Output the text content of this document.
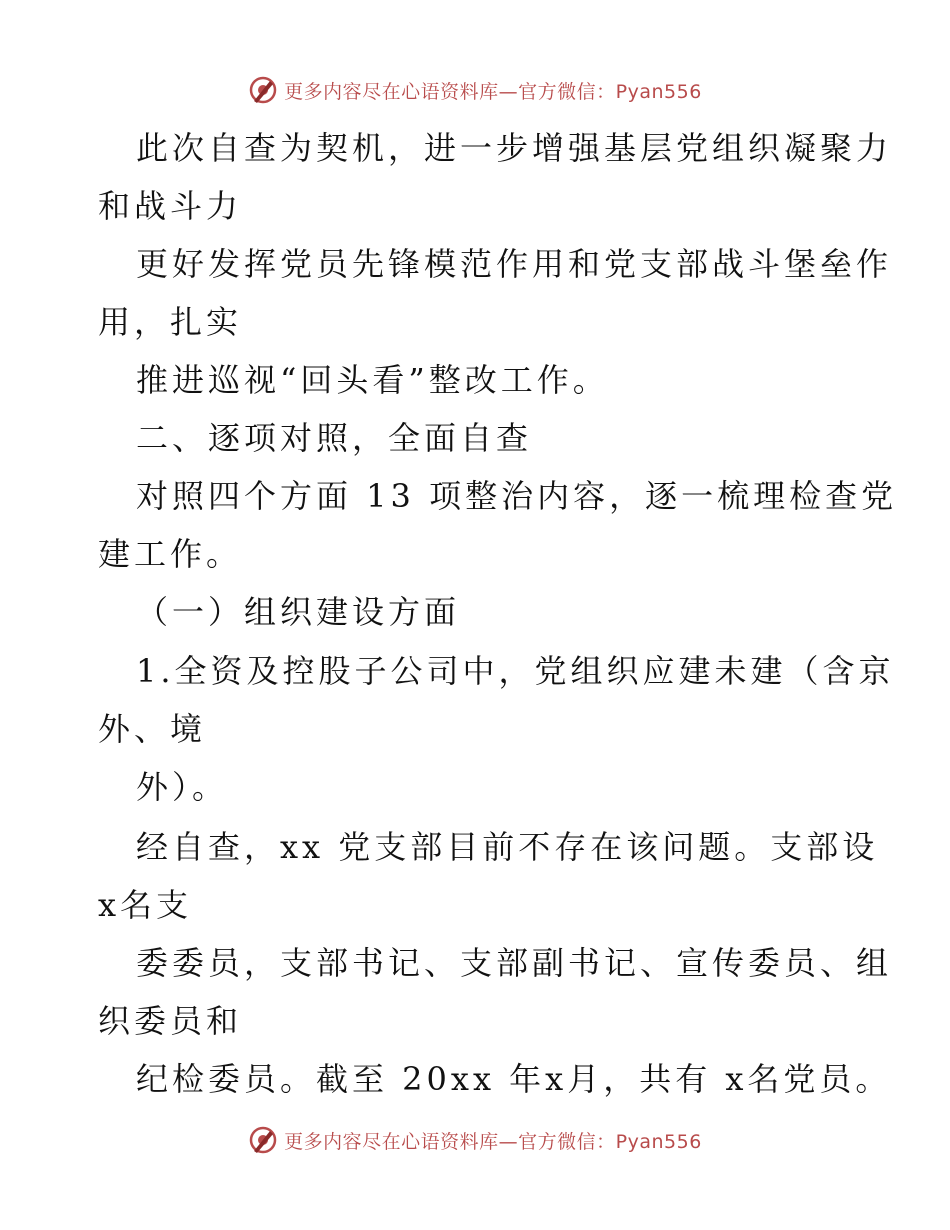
更多内容尽在心语资料库—官方微信：Pyan556
此次自查为契机，进一步增强基层党组织凝聚力
和战斗力
更好发挥党员先锋模范作用和党支部战斗堡垒作
用，扎实
推进巡视“回头看”整改工作。
二、逐项对照，全面自查
对照四个方面 13 项整治内容，逐一梳理检查党
建工作。
（一）组织建设方面
1.全资及控股子公司中，党组织应建未建（含京
外、境
外）。
经自查，xx 党支部目前不存在该问题。支部设
x名支
委委员，支部书记、支部副书记、宣传委员、组
织委员和
纪检委员。截至 20xx 年x月，共有 x名党员。
更多内容尽在心语资料库—官方微信：Pyan556
